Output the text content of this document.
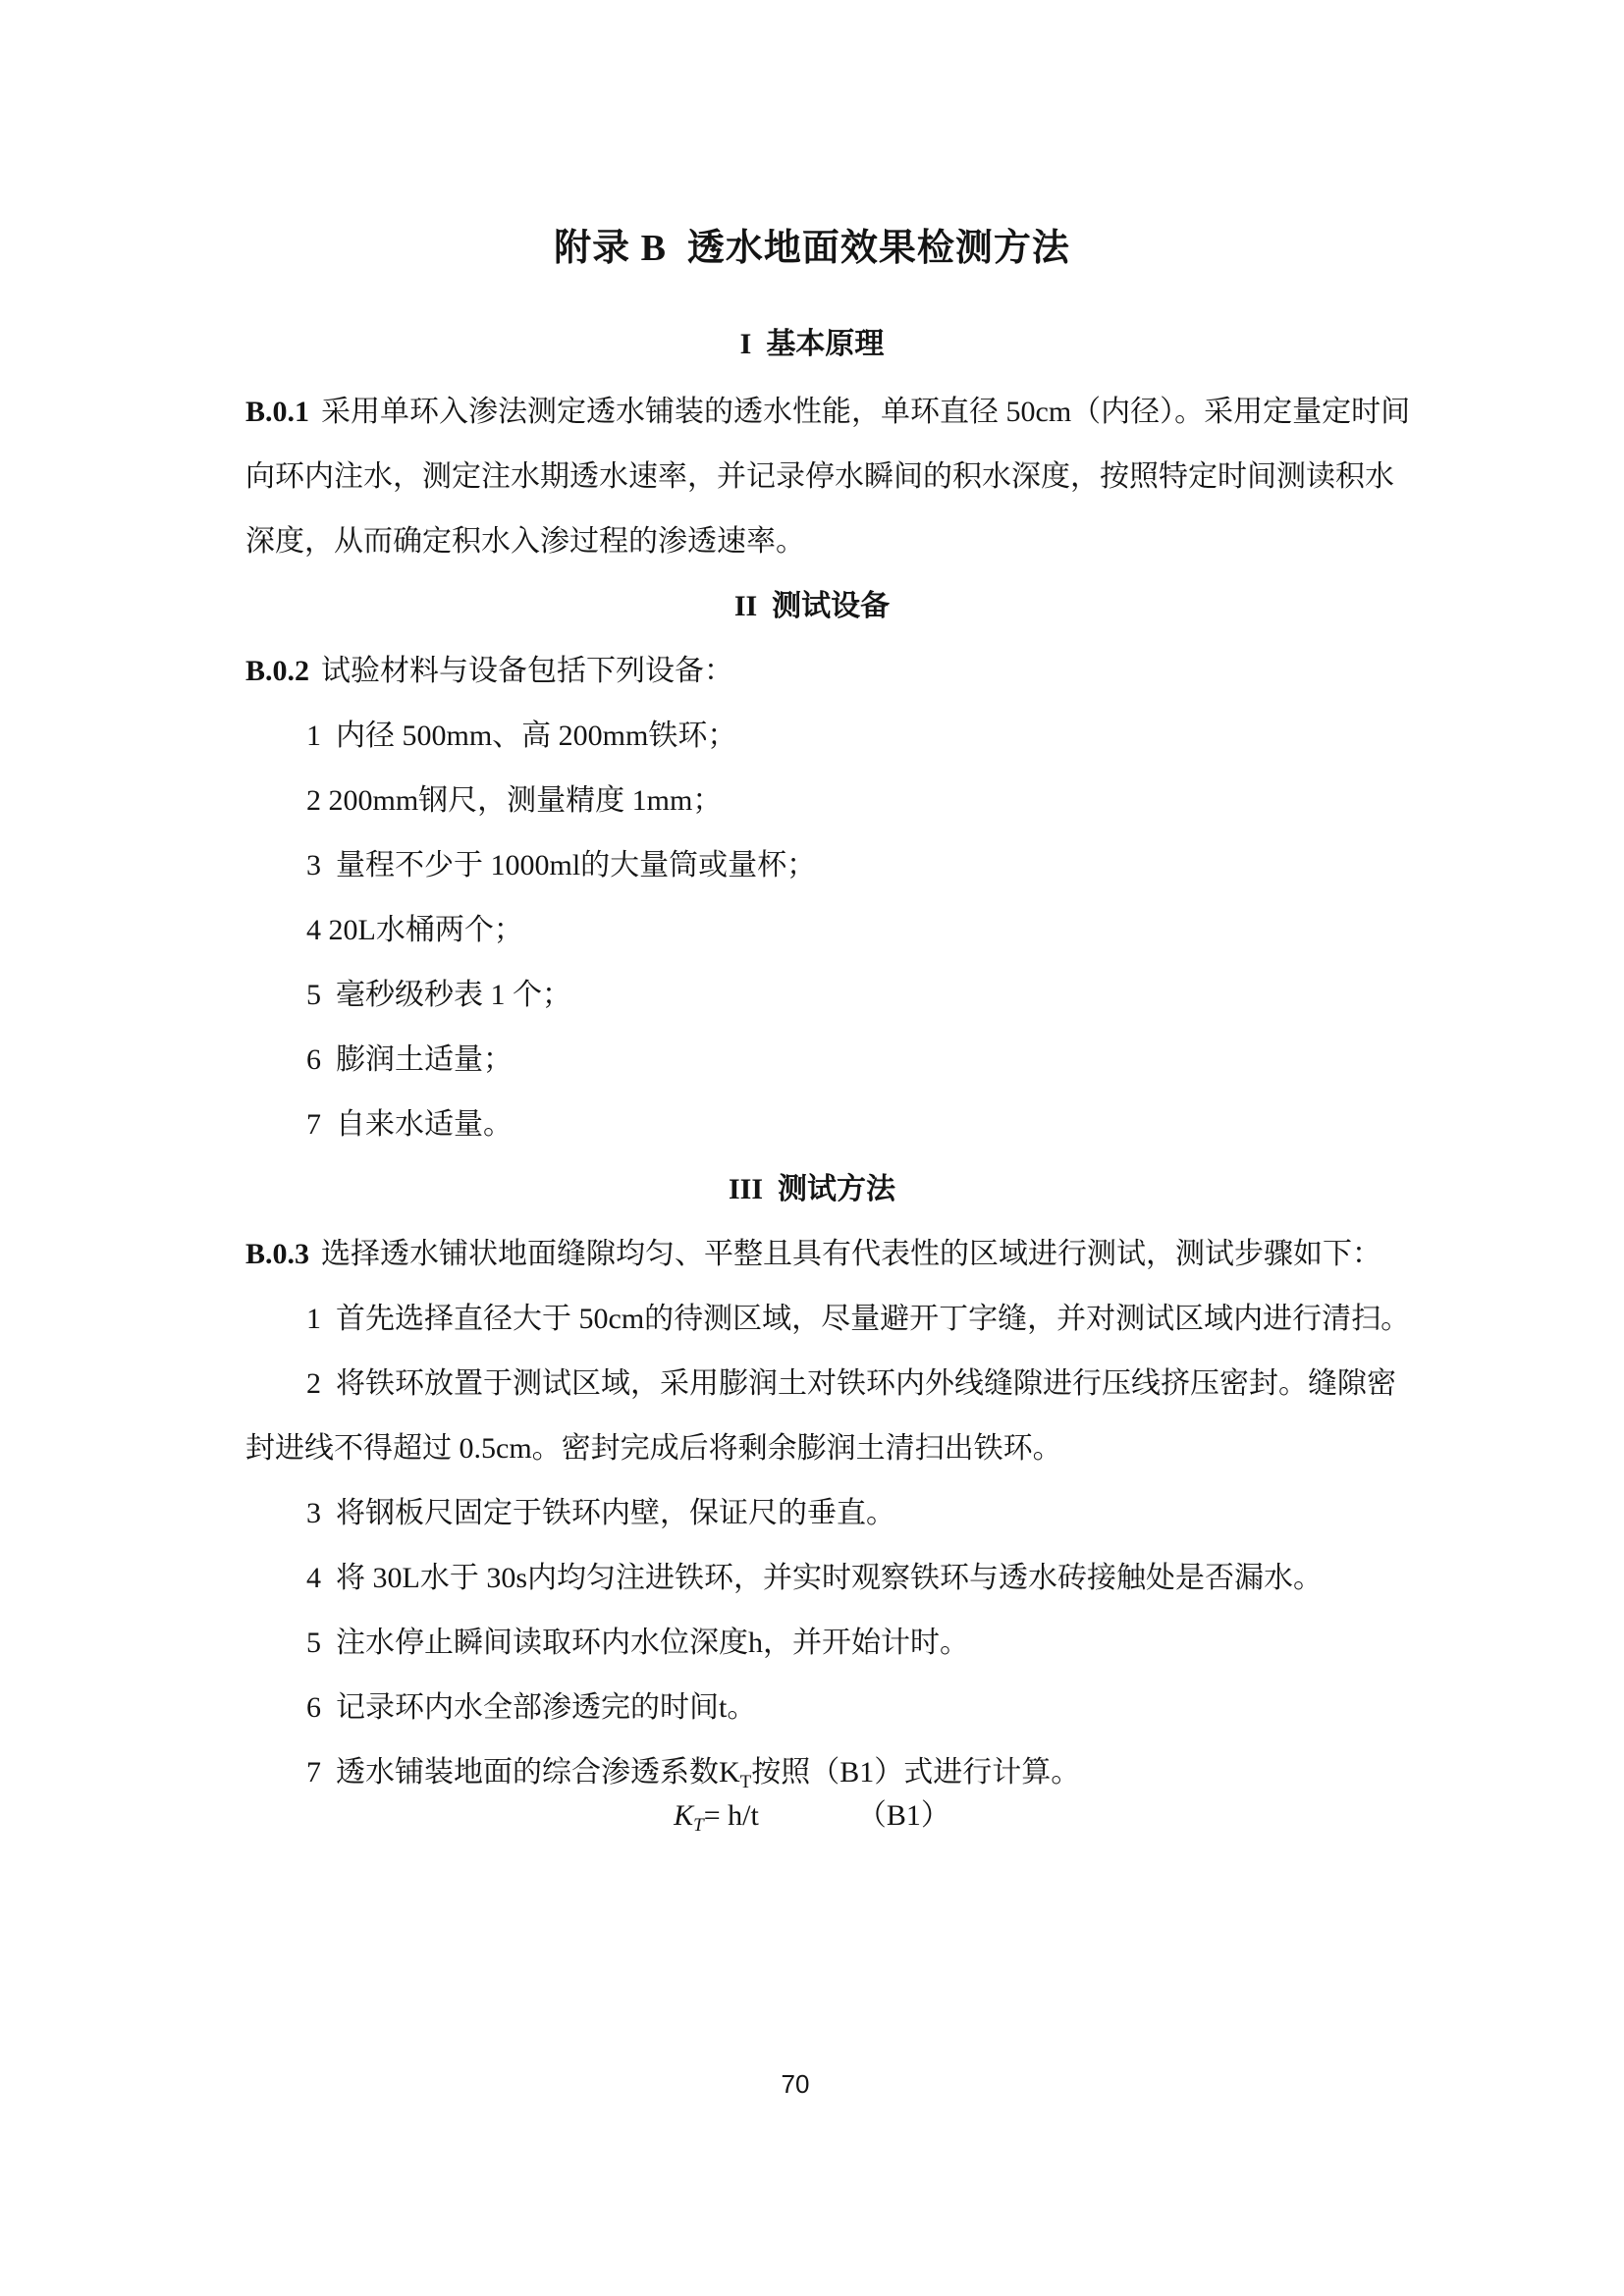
附录 B  透水地面效果检测方法
I  基本原理
B.0.1 采用单环入渗法测定透水铺装的透水性能，单环直径 50cm（内径）。采用定量定时间
向环内注水，测定注水期透水速率，并记录停水瞬间的积水深度，按照特定时间测读积水
深度，从而确定积水入渗过程的渗透速率。
II  测试设备
B.0.2 试验材料与设备包括下列设备：
1  内径 500mm、高 200mm铁环；
2 200mm钢尺，测量精度 1mm；
3  量程不少于 1000ml的大量筒或量杯；
4 20L水桶两个；
5  毫秒级秒表 1 个；
6  膨润土适量；
7  自来水适量。
III  测试方法
B.0.3 选择透水铺状地面缝隙均匀、平整且具有代表性的区域进行测试，测试步骤如下：
1  首先选择直径大于 50cm的待测区域，尽量避开丁字缝，并对测试区域内进行清扫。
2  将铁环放置于测试区域，采用膨润土对铁环内外线缝隙进行压线挤压密封。缝隙密
封进线不得超过 0.5cm。密封完成后将剩余膨润土清扫出铁环。
3  将钢板尺固定于铁环内壁，保证尺的垂直。
4  将 30L水于 30s内均匀注进铁环，并实时观察铁环与透水砖接触处是否漏水。
5  注水停止瞬间读取环内水位深度h，并开始计时。
6  记录环内水全部渗透完的时间t。
7  透水铺装地面的综合渗透系数$K_T$按照（B1）式进行计算。
$K_T= h/t$	（B1）
70
